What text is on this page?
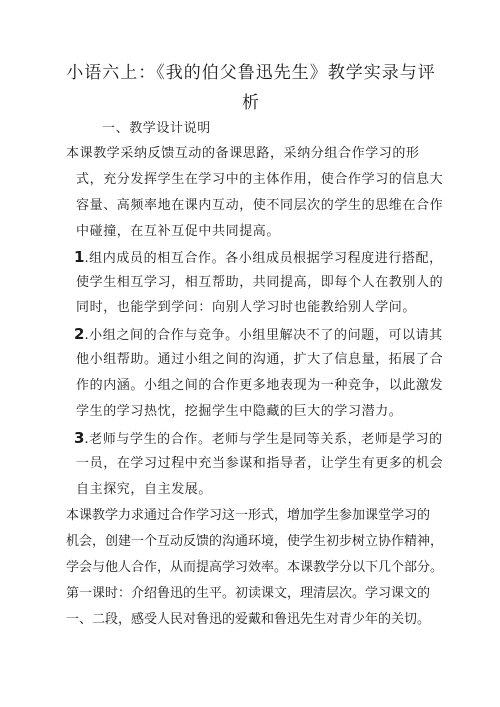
小语六上：《我的伯父鲁迅先生》教学实录与评
析
一、教学设计说明
本课教学采纳反馈互动的备课思路，采纳分组合作学习的形
式，充分发挥学生在学习中的主体作用，使合作学习的信息大
容量、高频率地在课内互动，使不同层次的学生的思维在合作
中碰撞，在互补互促中共同提高。
1.组内成员的相互合作。各小组成员根据学习程度进行搭配，
使学生相互学习，相互帮助，共同提高，即每个人在教别人的
同时，也能学到学问：向别人学习时也能教给别人学问。
2.小组之间的合作与竞争。小组里解决不了的问题，可以请其
他小组帮助。通过小组之间的沟通，扩大了信息量，拓展了合
作的内涵。小组之间的合作更多地表现为一种竞争，以此激发
学生的学习热忱，挖掘学生中隐藏的巨大的学习潜力。
3.老师与学生的合作。老师与学生是同等关系，老师是学习的
一员，在学习过程中充当参谋和指导者，让学生有更多的机会
自主探究，自主发展。
本课教学力求通过合作学习这一形式，增加学生参加课堂学习的
机会，创建一个互动反馈的沟通环境，使学生初步树立协作精神，
学会与他人合作，从而提高学习效率。本课教学分以下几个部分。
第一课时：介绍鲁迅的生平。初读课文，理清层次。学习课文的
一、二段，感受人民对鲁迅的爱戴和鲁迅先生对青少年的关切。
